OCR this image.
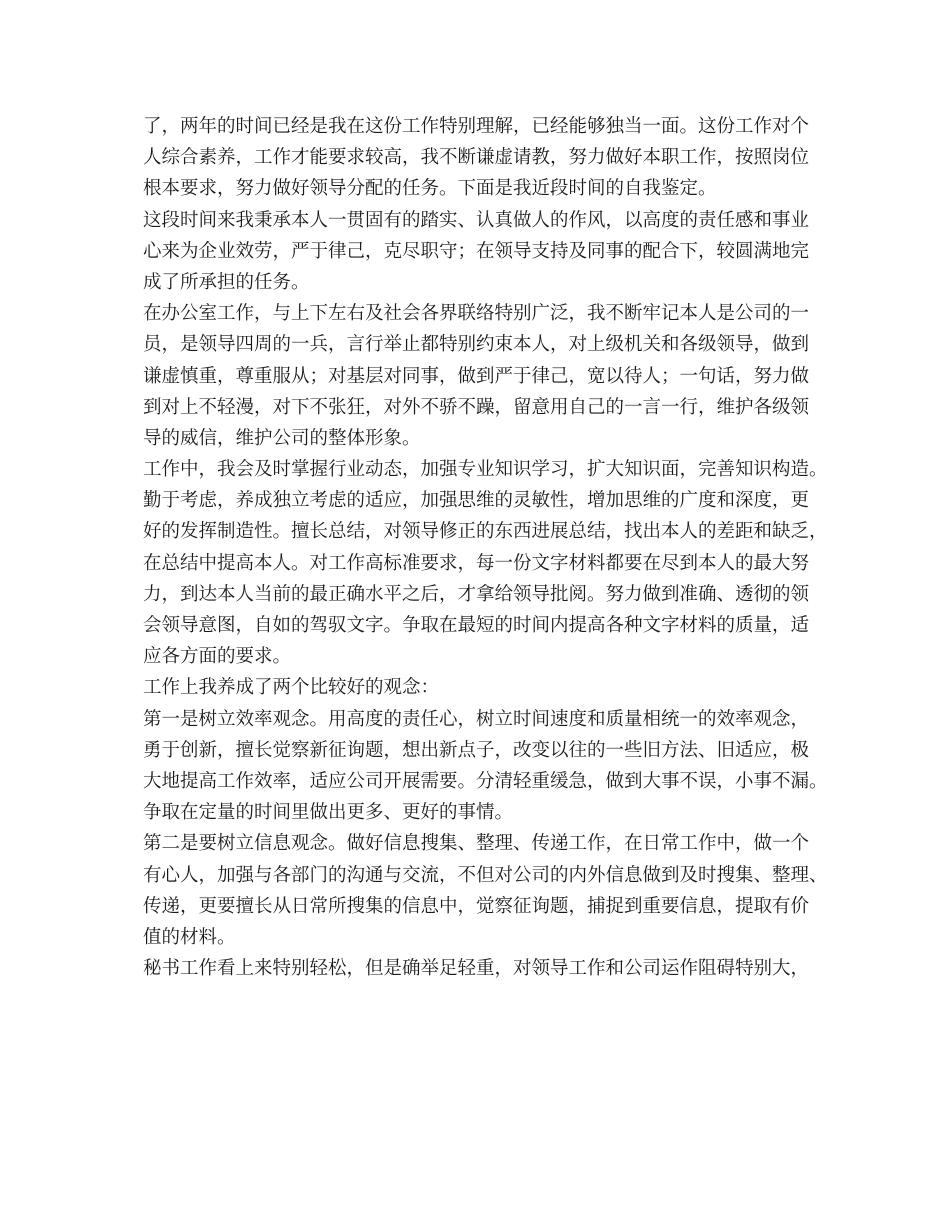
了，两年的时间已经是我在这份工作特别理解，已经能够独当一面。这份工作对个
人综合素养，工作才能要求较高，我不断谦虚请教，努力做好本职工作，按照岗位
根本要求，努力做好领导分配的任务。下面是我近段时间的自我鉴定。
这段时间来我秉承本人一贯固有的踏实、认真做人的作风，以高度的责任感和事业
心来为企业效劳，严于律己，克尽职守；在领导支持及同事的配合下，较圆满地完
成了所承担的任务。
在办公室工作，与上下左右及社会各界联络特别广泛，我不断牢记本人是公司的一
员，是领导四周的一兵，言行举止都特别约束本人，对上级机关和各级领导，做到
谦虚慎重，尊重服从；对基层对同事，做到严于律己，宽以待人；一句话，努力做
到对上不轻漫，对下不张狂，对外不骄不躁，留意用自己的一言一行，维护各级领
导的威信，维护公司的整体形象。
工作中，我会及时掌握行业动态，加强专业知识学习，扩大知识面，完善知识构造。
勤于考虑，养成独立考虑的适应，加强思维的灵敏性，增加思维的广度和深度，更
好的发挥制造性。擅长总结，对领导修正的东西进展总结，找出本人的差距和缺乏，
在总结中提高本人。对工作高标准要求，每一份文字材料都要在尽到本人的最大努
力，到达本人当前的最正确水平之后，才拿给领导批阅。努力做到准确、透彻的领
会领导意图，自如的驾驭文字。争取在最短的时间内提高各种文字材料的质量，适
应各方面的要求。
工作上我养成了两个比较好的观念：
第一是树立效率观念。用高度的责任心，树立时间速度和质量相统一的效率观念，
勇于创新，擅长觉察新征询题，想出新点子，改变以往的一些旧方法、旧适应，极
大地提高工作效率，适应公司开展需要。分清轻重缓急，做到大事不误，小事不漏。
争取在定量的时间里做出更多、更好的事情。
第二是要树立信息观念。做好信息搜集、整理、传递工作，在日常工作中，做一个
有心人，加强与各部门的沟通与交流，不但对公司的内外信息做到及时搜集、整理、
传递，更要擅长从日常所搜集的信息中，觉察征询题，捕捉到重要信息，提取有价
值的材料。
秘书工作看上来特别轻松，但是确举足轻重，对领导工作和公司运作阻碍特别大，
